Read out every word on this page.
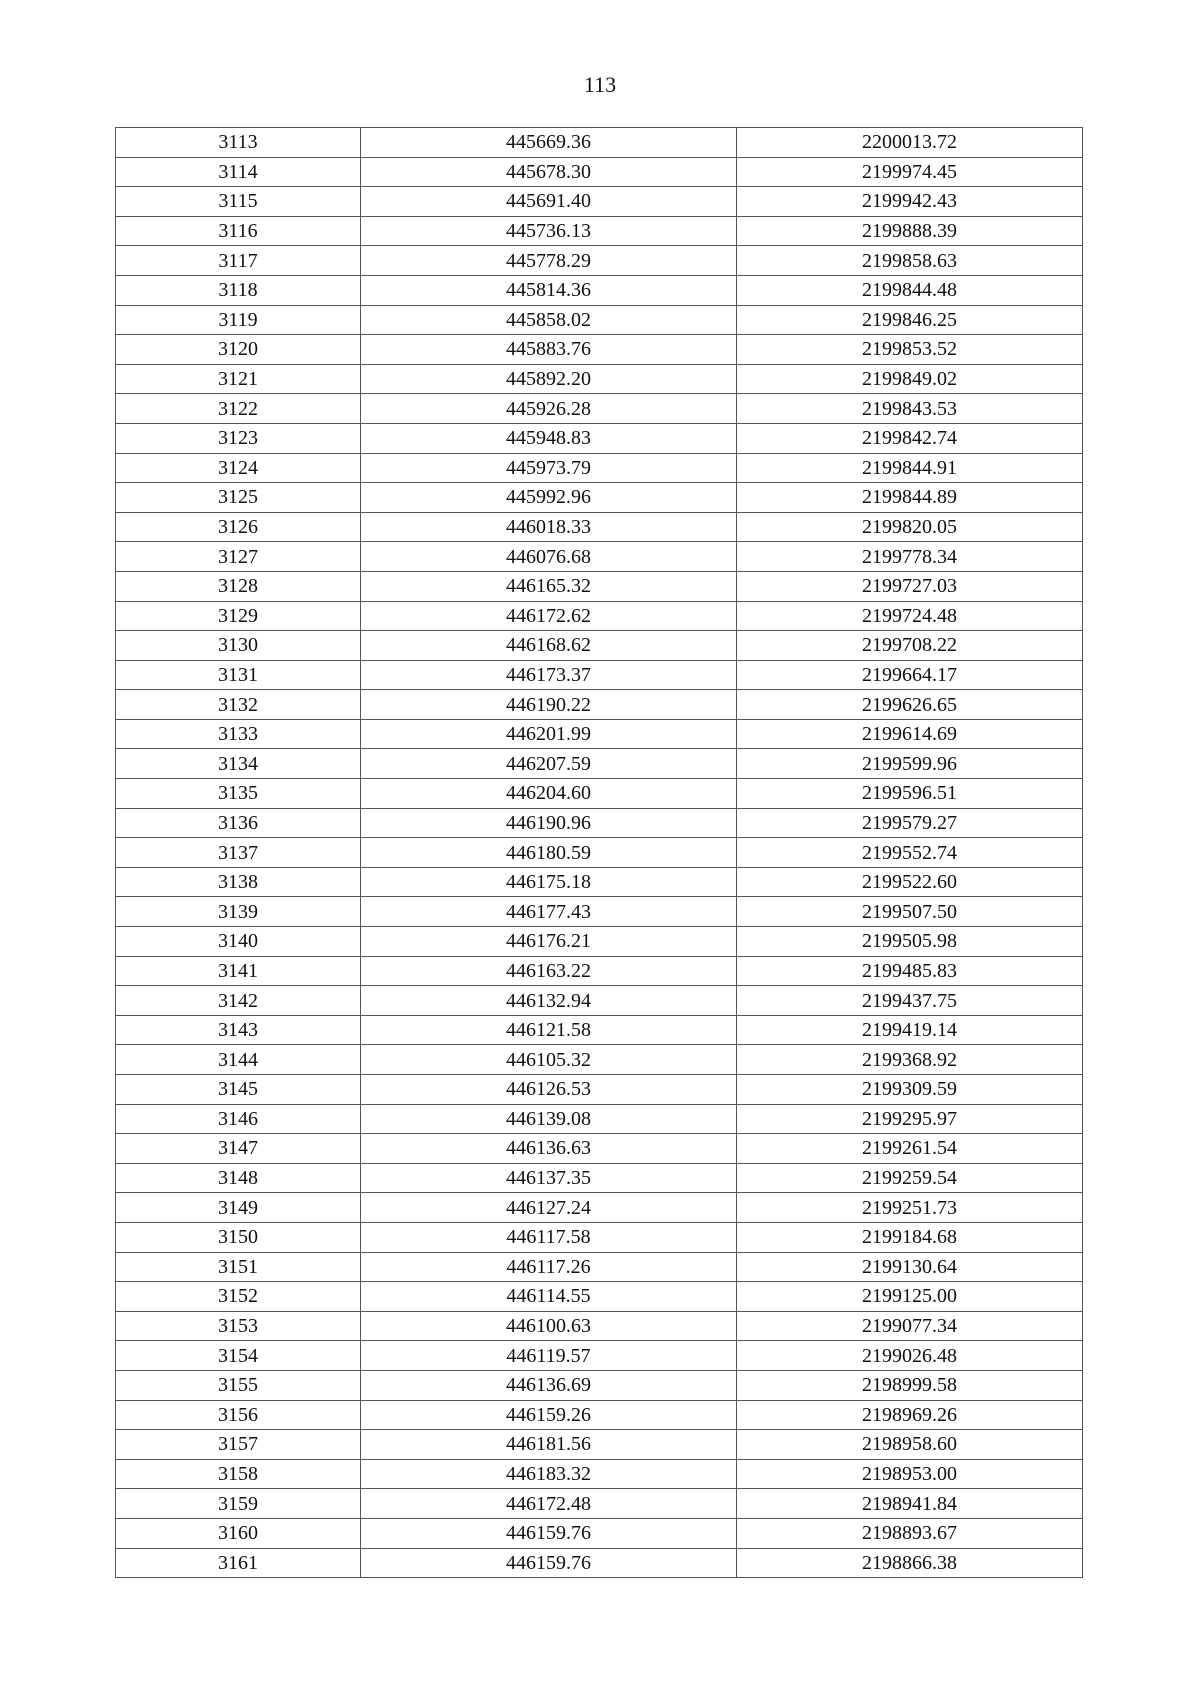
113
3113	445669.36	2200013.72
3114	445678.30	2199974.45
3115	445691.40	2199942.43
3116	445736.13	2199888.39
3117	445778.29	2199858.63
3118	445814.36	2199844.48
3119	445858.02	2199846.25
3120	445883.76	2199853.52
3121	445892.20	2199849.02
3122	445926.28	2199843.53
3123	445948.83	2199842.74
3124	445973.79	2199844.91
3125	445992.96	2199844.89
3126	446018.33	2199820.05
3127	446076.68	2199778.34
3128	446165.32	2199727.03
3129	446172.62	2199724.48
3130	446168.62	2199708.22
3131	446173.37	2199664.17
3132	446190.22	2199626.65
3133	446201.99	2199614.69
3134	446207.59	2199599.96
3135	446204.60	2199596.51
3136	446190.96	2199579.27
3137	446180.59	2199552.74
3138	446175.18	2199522.60
3139	446177.43	2199507.50
3140	446176.21	2199505.98
3141	446163.22	2199485.83
3142	446132.94	2199437.75
3143	446121.58	2199419.14
3144	446105.32	2199368.92
3145	446126.53	2199309.59
3146	446139.08	2199295.97
3147	446136.63	2199261.54
3148	446137.35	2199259.54
3149	446127.24	2199251.73
3150	446117.58	2199184.68
3151	446117.26	2199130.64
3152	446114.55	2199125.00
3153	446100.63	2199077.34
3154	446119.57	2199026.48
3155	446136.69	2198999.58
3156	446159.26	2198969.26
3157	446181.56	2198958.60
3158	446183.32	2198953.00
3159	446172.48	2198941.84
3160	446159.76	2198893.67
3161	446159.76	2198866.38
